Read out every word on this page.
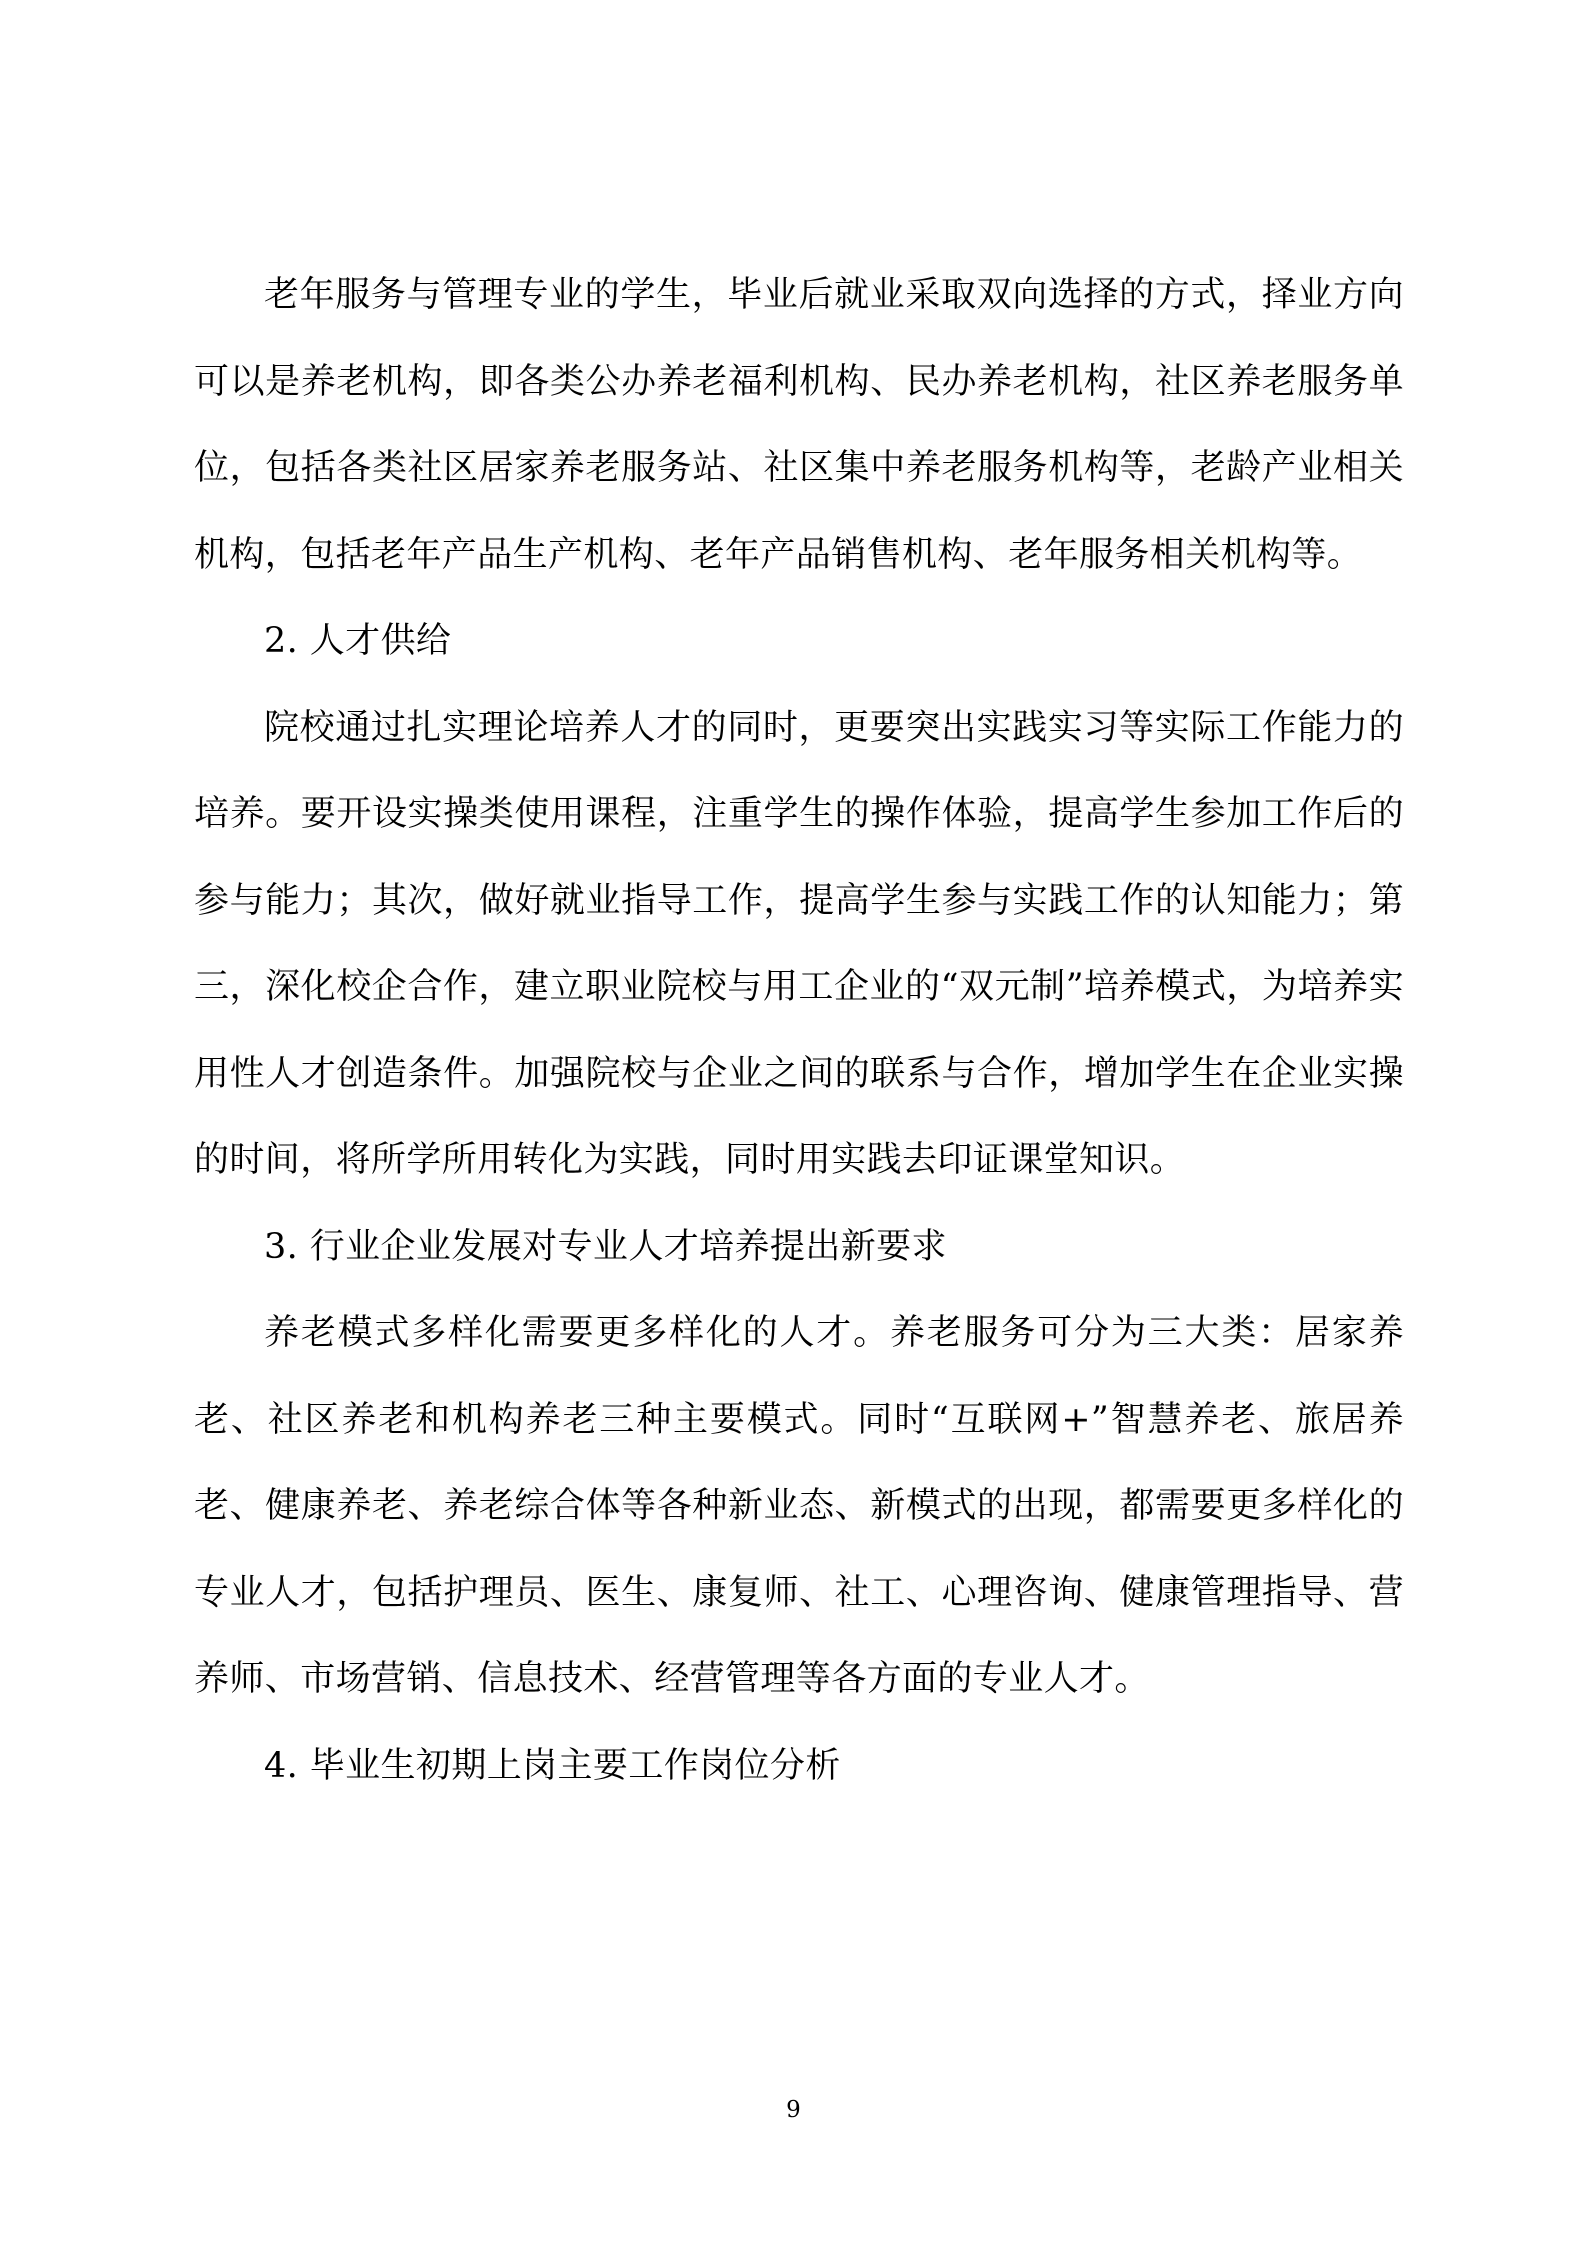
老年服务与管理专业的学生，毕业后就业采取双向选择的方式，择业方向可以是养老机构，即各类公办养老福利机构、民办养老机构，社区养老服务单位，包括各类社区居家养老服务站、社区集中养老服务机构等，老龄产业相关机构，包括老年产品生产机构、老年产品销售机构、老年服务相关机构等。

2. 人才供给

院校通过扎实理论培养人才的同时，更要突出实践实习等实际工作能力的培养。要开设实操类使用课程，注重学生的操作体验，提高学生参加工作后的参与能力；其次，做好就业指导工作，提高学生参与实践工作的认知能力；第三，深化校企合作，建立职业院校与用工企业的“双元制”培养模式，为培养实用性人才创造条件。加强院校与企业之间的联系与合作，增加学生在企业实操的时间，将所学所用转化为实践，同时用实践去印证课堂知识。

3. 行业企业发展对专业人才培养提出新要求

养老模式多样化需要更多样化的人才。养老服务可分为三大类：居家养老、社区养老和机构养老三种主要模式。同时“互联网+”智慧养老、旅居养老、健康养老、养老综合体等各种新业态、新模式的出现，都需要更多样化的专业人才，包括护理员、医生、康复师、社工、心理咨询、健康管理指导、营养师、市场营销、信息技术、经营管理等各方面的专业人才。

4. 毕业生初期上岗主要工作岗位分析

9
